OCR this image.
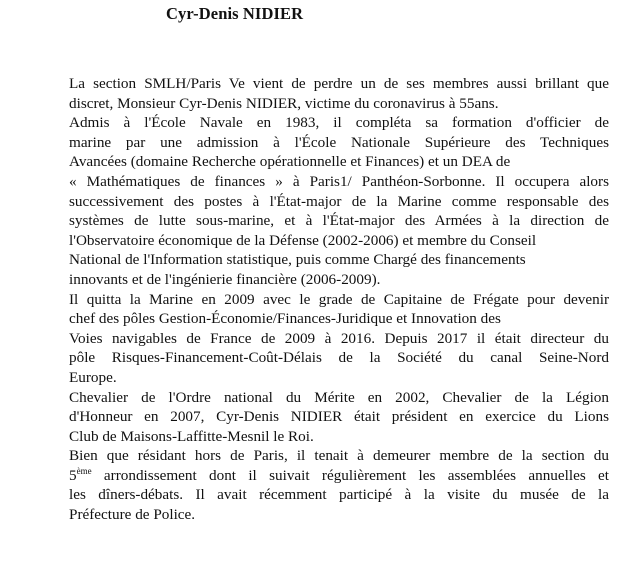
Cyr-Denis NIDIER
La section SMLH/Paris Ve vient de perdre un de ses membres aussi brillant que
discret, Monsieur Cyr-Denis NIDIER, victime du coronavirus à 55ans.
Admis à l'École Navale en 1983, il compléta sa formation d'officier de
marine par une admission à l'École Nationale Supérieure des Techniques
Avancées (domaine Recherche opérationnelle et Finances) et un DEA de
« Mathématiques de finances » à Paris1/ Panthéon-Sorbonne. Il occupera alors
successivement des postes à l'État-major de la Marine comme responsable des
systèmes de lutte sous-marine, et à l'État-major des Armées à la direction de
l'Observatoire économique de la Défense (2002-2006) et membre du Conseil
National de l'Information statistique, puis comme Chargé des financements
innovants et de l'ingénierie financière (2006-2009).
Il quitta la Marine en 2009 avec le grade de Capitaine de Frégate pour devenir
chef des pôles Gestion-Économie/Finances-Juridique et Innovation des
Voies navigables de France de 2009 à 2016. Depuis 2017 il était directeur du
pôle Risques-Financement-Coût-Délais de la Société du canal Seine-Nord
Europe.
Chevalier de l'Ordre national du Mérite en 2002, Chevalier de la Légion
d'Honneur en 2007, Cyr-Denis NIDIER était président en exercice du Lions
Club de Maisons-Laffitte-Mesnil le Roi.
Bien que résidant hors de Paris, il tenait à demeurer membre de la section du
5ème arrondissement dont il suivait régulièrement les assemblées annuelles et
les dîners-débats. Il avait récemment participé à la visite du musée de la
Préfecture de Police.
